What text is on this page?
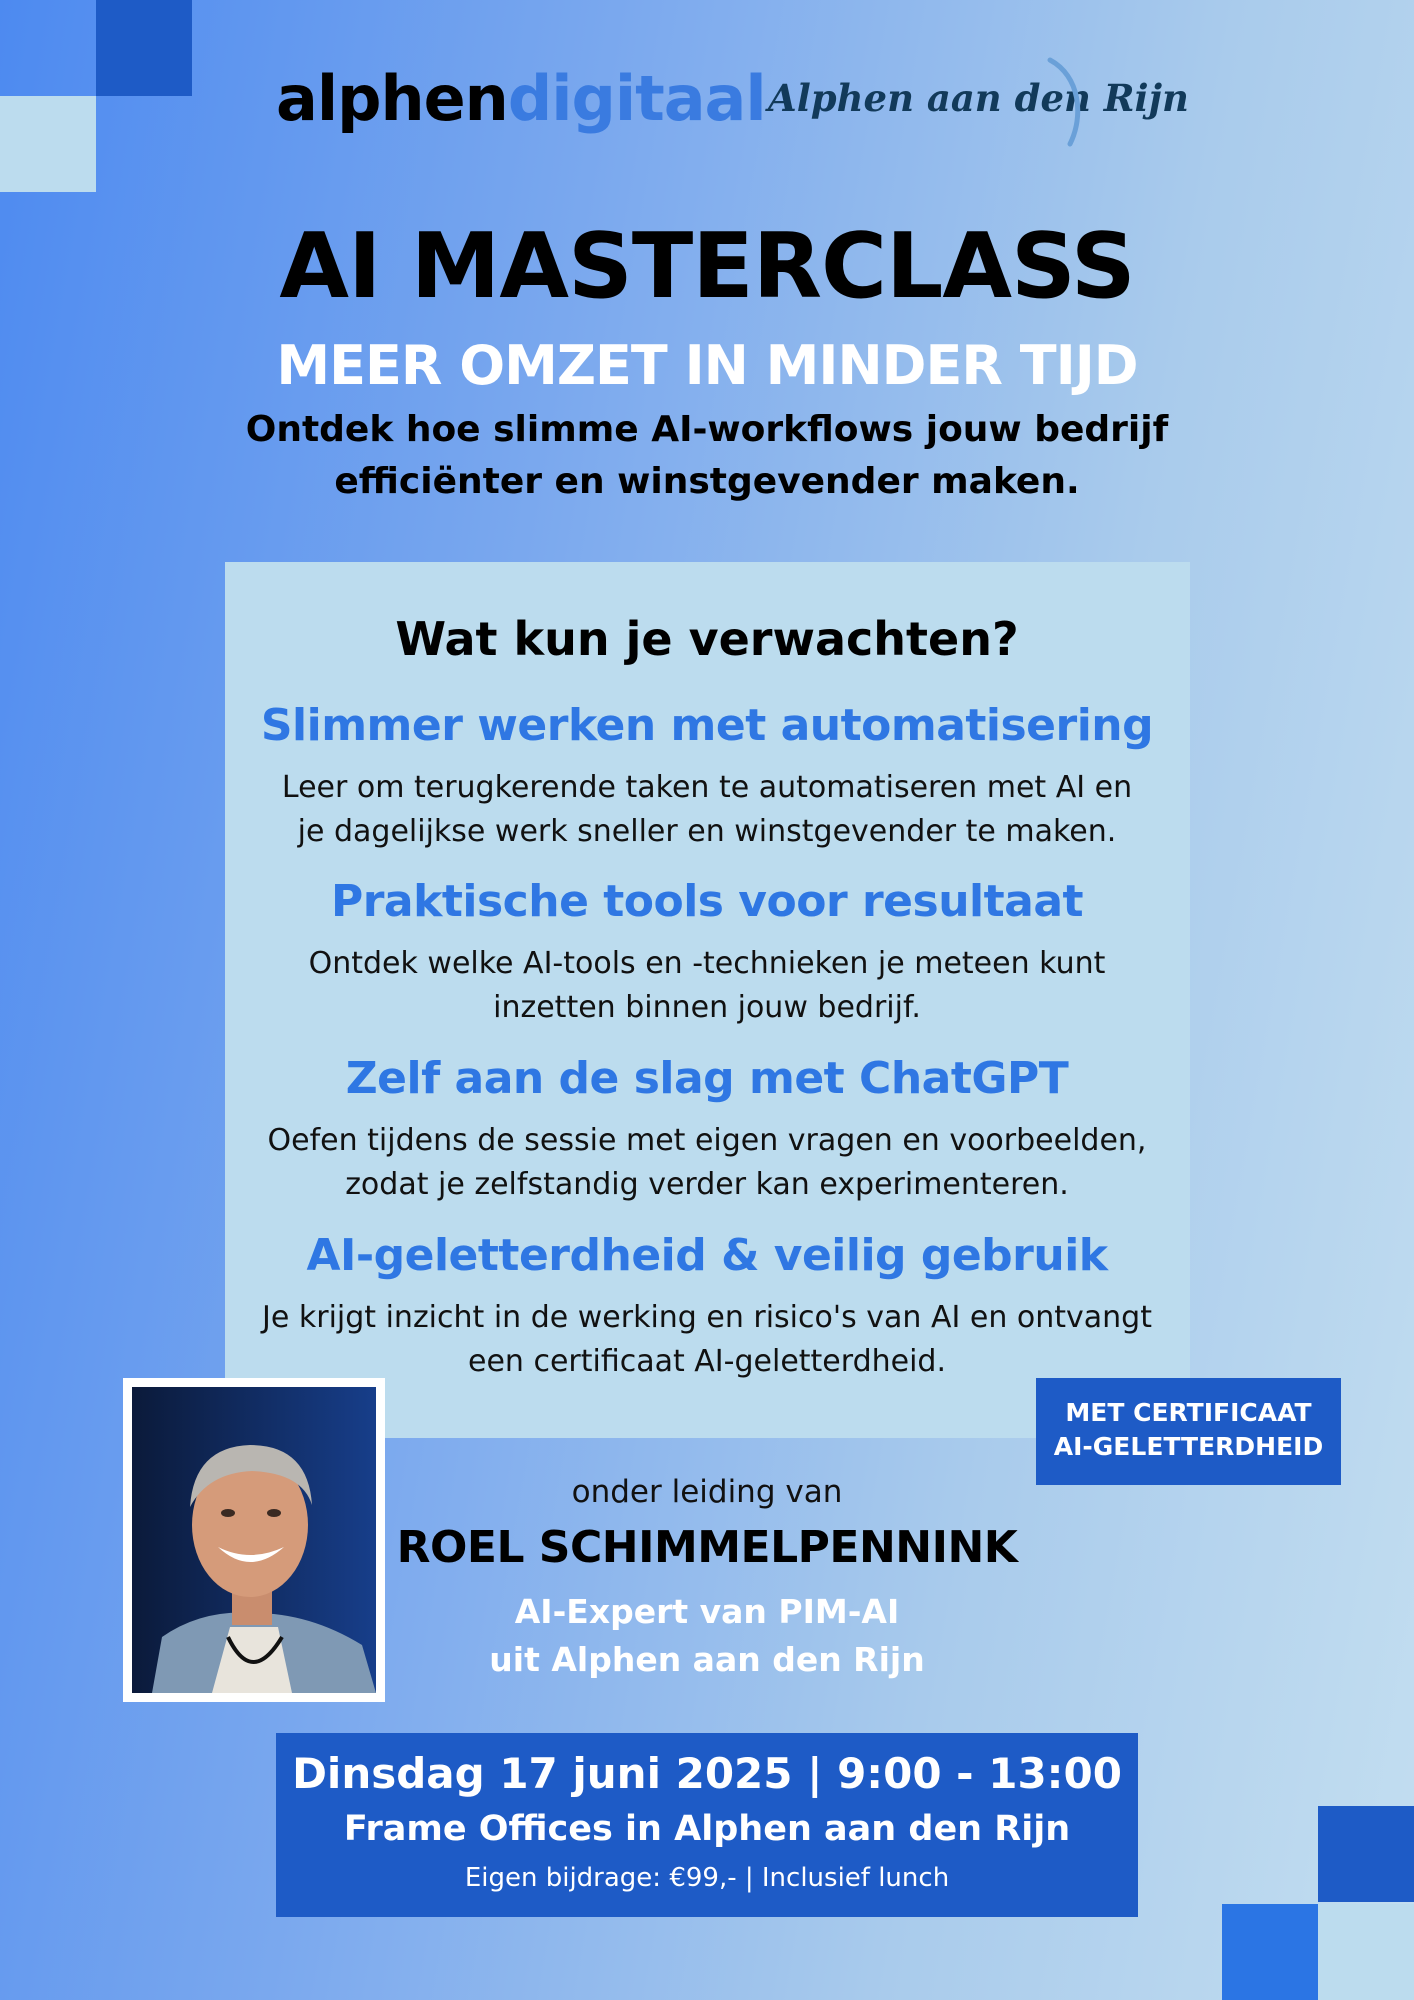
alphendigitaal Alphen aan den Rijn
AI MASTERCLASS
MEER OMZET IN MINDER TIJD
Ontdek hoe slimme AI-workflows jouw bedrijf
efficiënter en winstgevender maken.
Wat kun je verwachten?
Slimmer werken met automatisering
Leer om terugkerende taken te automatiseren met AI en
je dagelijkse werk sneller en winstgevender te maken.
Praktische tools voor resultaat
Ontdek welke AI-tools en -technieken je meteen kunt
inzetten binnen jouw bedrijf.
Zelf aan de slag met ChatGPT
Oefen tijdens de sessie met eigen vragen en voorbeelden,
zodat je zelfstandig verder kan experimenteren.
AI-geletterdheid & veilig gebruik
Je krijgt inzicht in de werking en risico's van AI en ontvangt
een certificaat AI-geletterdheid.
MET CERTIFICAAT
AI-GELETTERDHEID
onder leiding van
ROEL SCHIMMELPENNINK
AI-Expert van PIM-AI
uit Alphen aan den Rijn
Dinsdag 17 juni 2025 | 9:00 - 13:00
Frame Offices in Alphen aan den Rijn
Eigen bijdrage: €99,- | Inclusief lunch
